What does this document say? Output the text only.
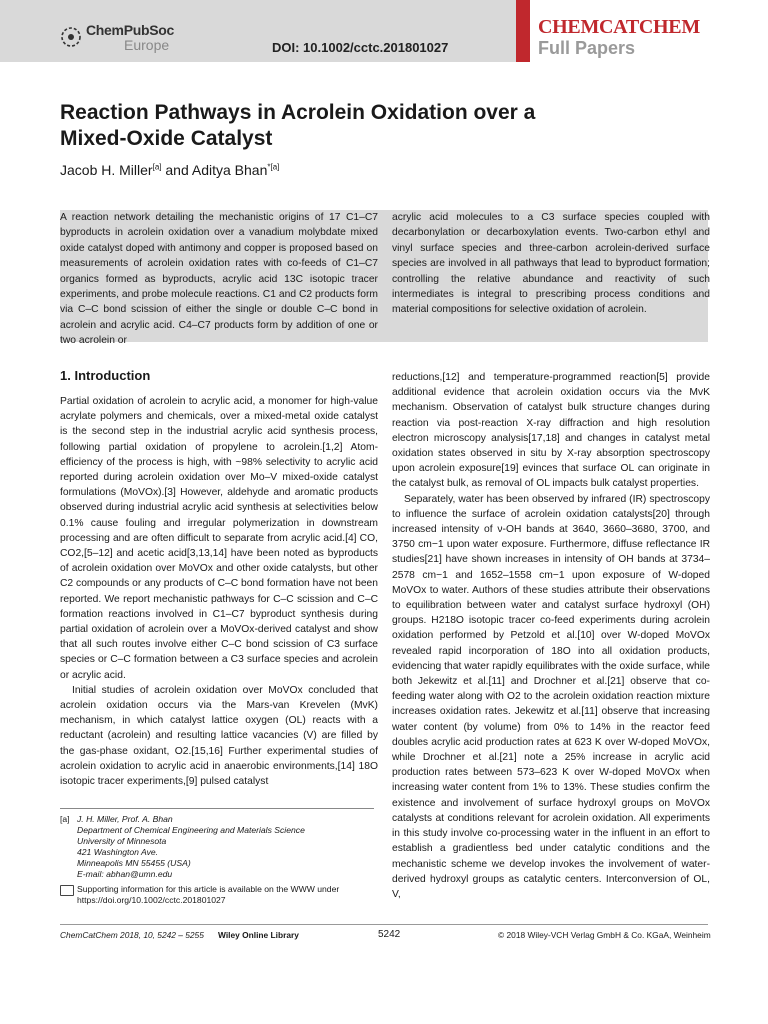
ChemPubSoc
Europe	DOI: 10.1002/cctc.201801027
CHEMCATCHEM
Full Papers
Reaction Pathways in Acrolein Oxidation over a
Mixed-Oxide Catalyst
Jacob H. Miller[a] and Aditya Bhan$^{*[a]}$
A reaction network detailing the mechanistic origins of 17 C1–C7 byproducts in acrolein oxidation over a vanadium molybdate mixed oxide catalyst doped with antimony and copper is proposed based on measurements of acrolein oxidation rates with co-feeds of C1–C7 organics formed as byproducts, acrylic acid 13C isotopic tracer experiments, and probe molecule reactions. C1 and C2 products form via C–C bond scission of either the single or double C–C bond in acrolein and acrylic acid. C4–C7 products form by addition of one or two acrolein or
acrylic acid molecules to a C3 surface species coupled with decarbonylation or decarboxylation events. Two-carbon ethyl and vinyl surface species and three-carbon acrolein-derived surface species are involved in all pathways that lead to byproduct formation; controlling the relative abundance and reactivity of such intermediates is integral to prescribing process conditions and material compositions for selective oxidation of acrolein.
1. Introduction

Partial oxidation of acrolein to acrylic acid, a monomer for high-value acrylate polymers and chemicals, over a mixed-metal oxide catalyst is the second step in the industrial acrylic acid synthesis process, following partial oxidation of propylene to acrolein.[1,2] Atom-efficiency of the process is high, with ~98% selectivity to acrylic acid reported during acrolein oxidation over Mo–V mixed-oxide catalyst formulations (MoVOx).[3] However, aldehyde and aromatic products observed during industrial acrylic acid synthesis at selectivities below 0.1% cause fouling and irregular polymerization in downstream processing and are often difficult to separate from acrylic acid.[4] CO, CO2,[5–12] and acetic acid[3,13,14] have been noted as byproducts of acrolein oxidation over MoVOx and other oxide catalysts, but other C2 compounds or any products of C–C bond formation have not been reported. We report mechanistic pathways for C–C scission and C–C formation reactions involved in C1–C7 byproduct synthesis during partial oxidation of acrolein over a MoVOx-derived catalyst and show that all such routes involve either C–C bond scission of C3 surface species or C–C formation between a C3 surface species and acrolein or acrylic acid.

Initial studies of acrolein oxidation over MoVOx concluded that acrolein oxidation occurs via the Mars-van Krevelen (MvK) mechanism, in which catalyst lattice oxygen (OL) reacts with a reductant (acrolein) and resulting lattice vacancies (V) are filled by the gas-phase oxidant, O2.[15,16] Further experimental studies of acrolein oxidation to acrylic acid in anaerobic environments,[14] 18O isotopic tracer experiments,[9] pulsed catalyst

reductions,[12] and temperature-programmed reaction[5] provide additional evidence that acrolein oxidation occurs via the MvK mechanism. Observation of catalyst bulk structure changes during reaction via post-reaction X-ray diffraction and high resolution electron microscopy analysis[17,18] and changes in catalyst metal oxidation states observed in situ by X-ray absorption spectroscopy upon acrolein exposure[19] evinces that surface OL can originate in the catalyst bulk, as removal of OL impacts bulk catalyst properties.

Separately, water has been observed by infrared (IR) spectroscopy to influence the surface of acrolein oxidation catalysts[20] through increased intensity of ν-OH bands at 3640, 3660–3680, 3700, and 3750 cm−1 upon water exposure. Furthermore, diffuse reflectance IR studies[21] have shown increases in intensity of OH bands at 3734–2578 cm−1 and 1652–1558 cm−1 upon exposure of W-doped MoVOx to water. Authors of these studies attribute their observations to equilibration between water and catalyst surface hydroxyl (OH) groups. H218O isotopic tracer co-feed experiments during acrolein oxidation performed by Petzold et al.[10] over W-doped MoVOx revealed rapid incorporation of 18O into all oxidation products, evidencing that water rapidly equilibrates with the oxide surface, while both Jekewitz et al.[11] and Drochner et al.[21] observe that co-feeding water along with O2 to the acrolein oxidation reaction mixture increases oxidation rates. Jekewitz et al.[11] observe that increasing water content (by volume) from 0% to 14% in the reactor feed doubles acrylic acid production rates at 623 K over W-doped MoVOx, while Drochner et al.[21] note a 25% increase in acrylic acid production rates between 573–623 K over W-doped MoVOx when increasing water content from 1% to 13%. These studies confirm the existence and involvement of surface hydroxyl groups on MoVOx catalysts at conditions relevant for acrolein oxidation. All experiments in this study involve co-processing water in the influent in an effort to establish a gradientless bed under catalytic conditions and the mechanistic scheme we develop invokes the involvement of water-derived hydroxyl groups as catalytic centers. Interconversion of OL, V,

[a] J. H. Miller, Prof. A. Bhan
Department of Chemical Engineering and Materials Science
University of Minnesota
421 Washington Ave.
Minneapolis MN 55455 (USA)
E-mail: abhan@umn.edu
Supporting information for this article is available on the WWW under https://doi.org/10.1002/cctc.201801027
ChemCatChem 2018, 10, 5242 – 5255 Wiley Online Library	5242	© 2018 Wiley-VCH Verlag GmbH & Co. KGaA, Weinheim
